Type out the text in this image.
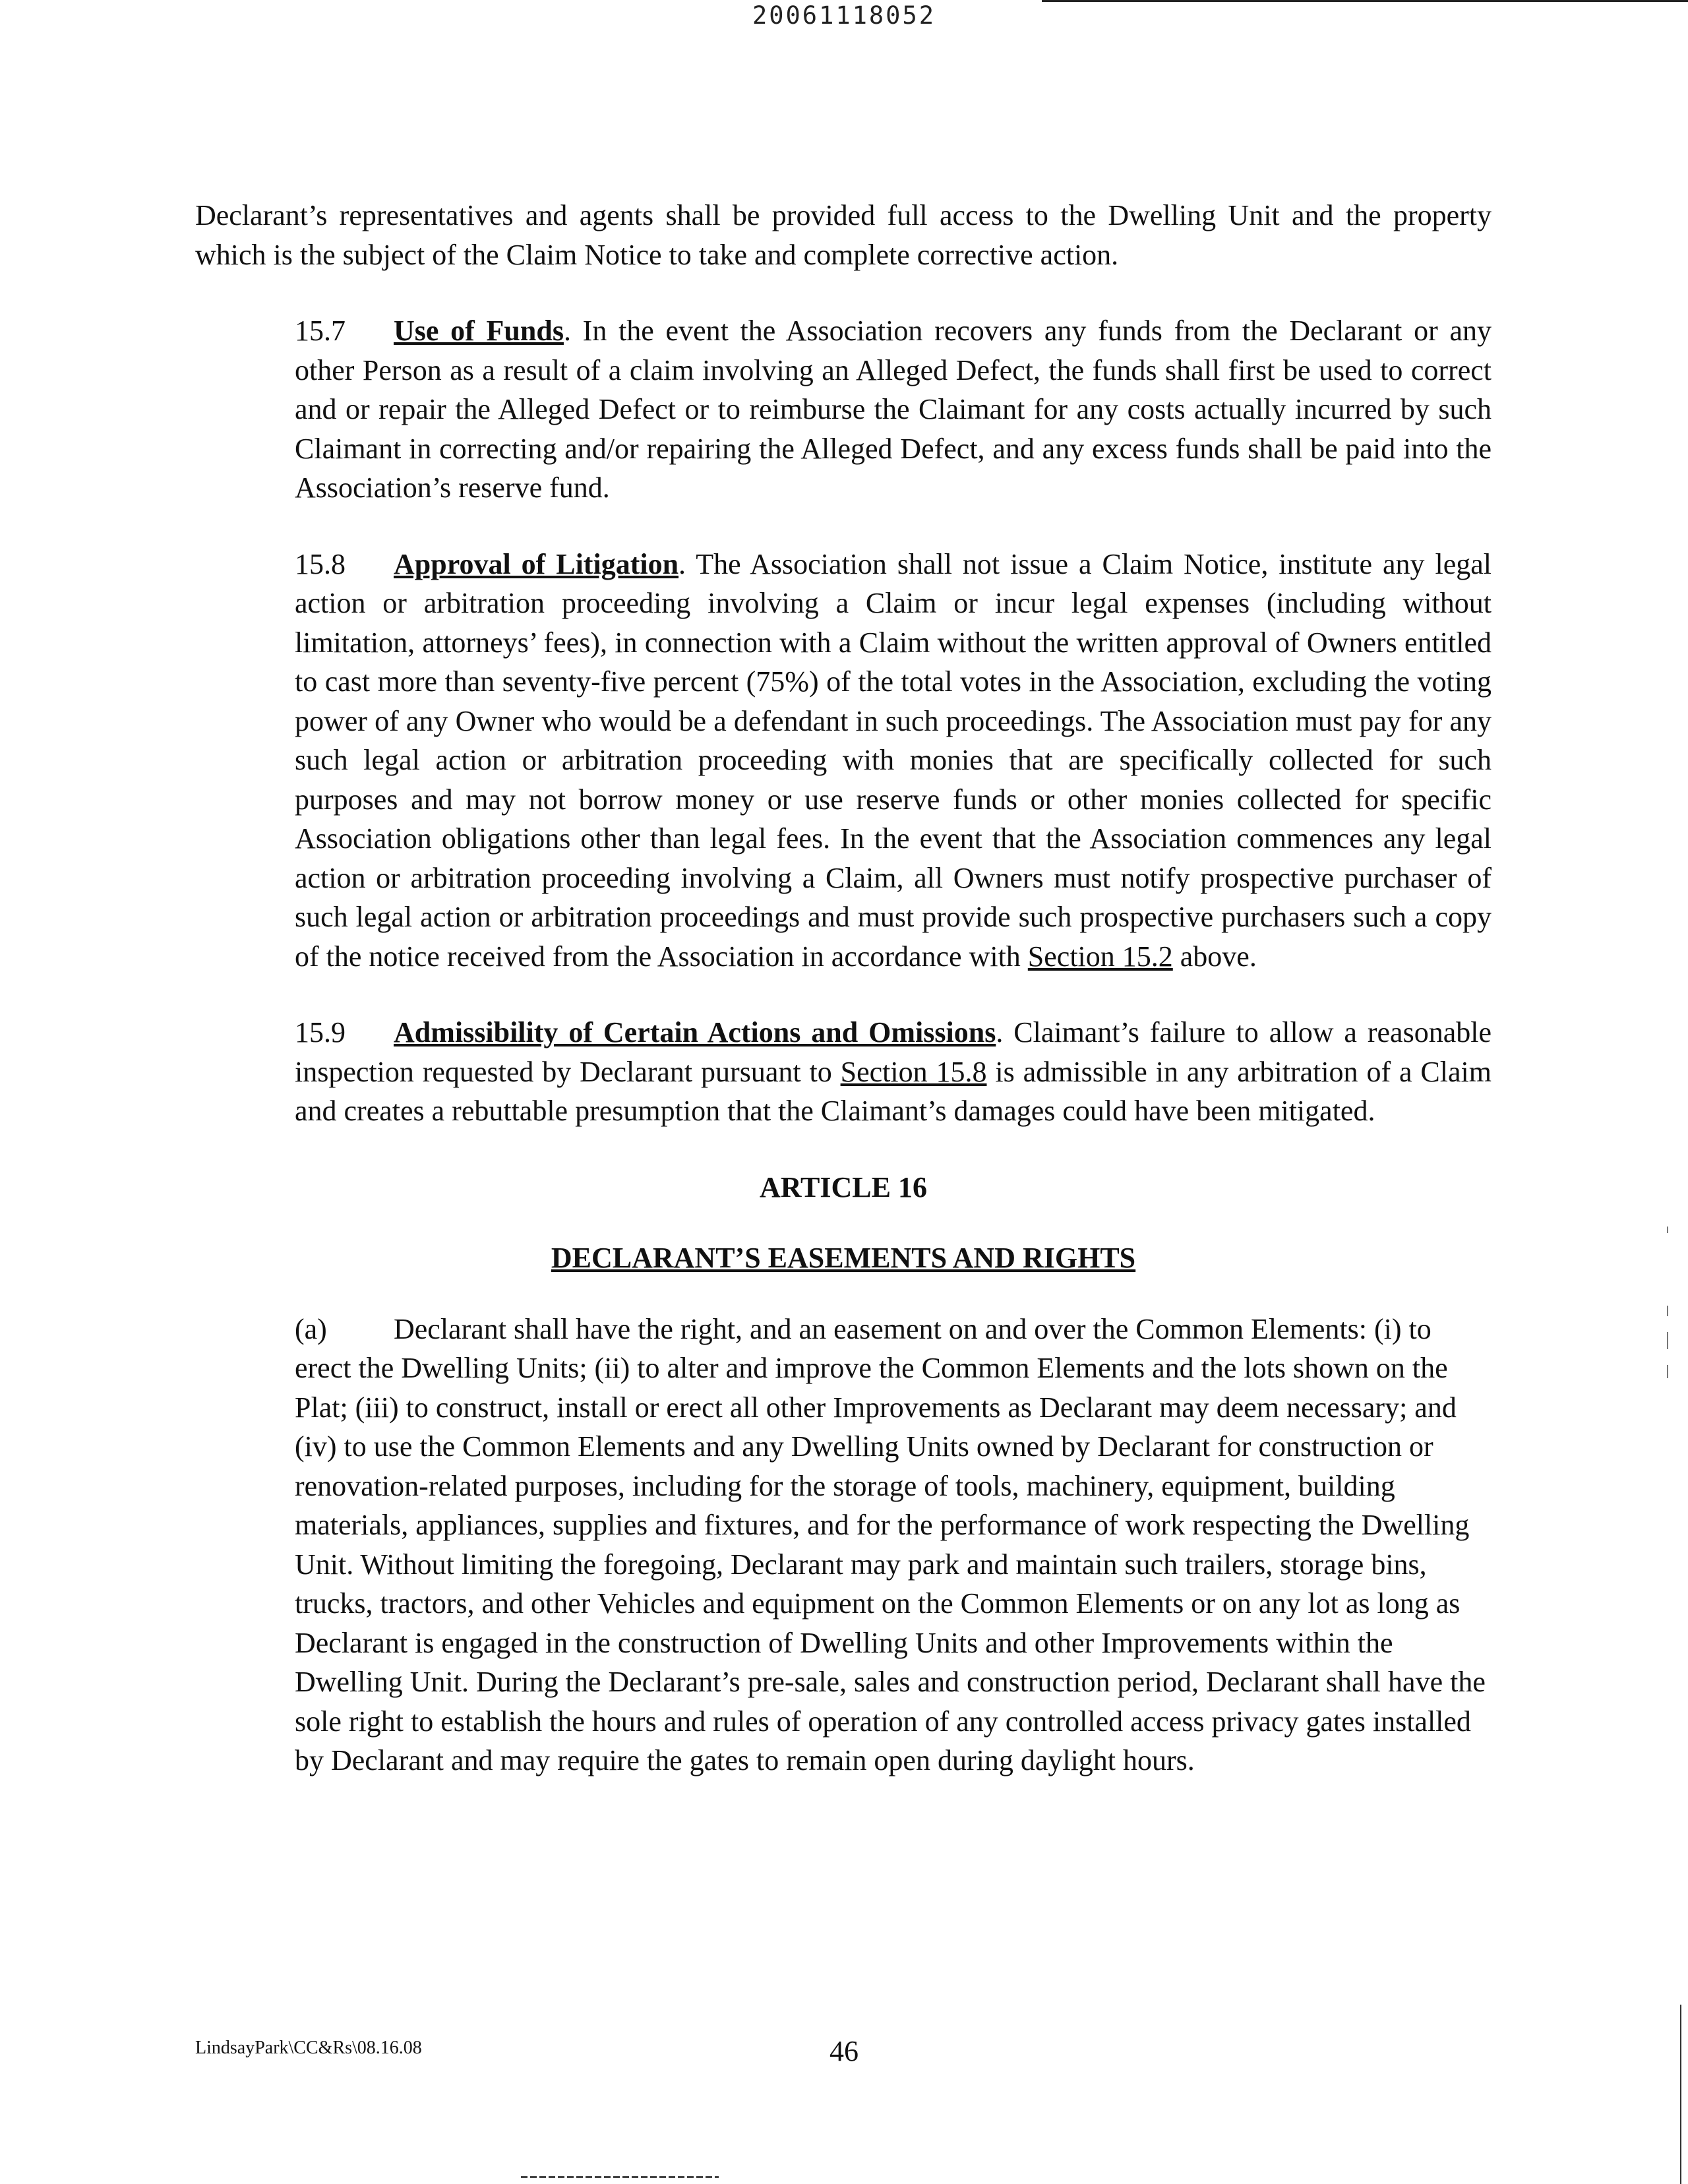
20061118052

Declarant’s representatives and agents shall be provided full access to the Dwelling Unit and the property which is the subject of the Claim Notice to take and complete corrective action.

15.7 Use of Funds. In the event the Association recovers any funds from the Declarant or any other Person as a result of a claim involving an Alleged Defect, the funds shall first be used to correct and or repair the Alleged Defect or to reimburse the Claimant for any costs actually incurred by such Claimant in correcting and/or repairing the Alleged Defect, and any excess funds shall be paid into the Association’s reserve fund.

15.8 Approval of Litigation. The Association shall not issue a Claim Notice, institute any legal action or arbitration proceeding involving a Claim or incur legal expenses (including without limitation, attorneys’ fees), in connection with a Claim without the written approval of Owners entitled to cast more than seventy-five percent (75%) of the total votes in the Association, excluding the voting power of any Owner who would be a defendant in such proceedings. The Association must pay for any such legal action or arbitration proceeding with monies that are specifically collected for such purposes and may not borrow money or use reserve funds or other monies collected for specific Association obligations other than legal fees. In the event that the Association commences any legal action or arbitration proceeding involving a Claim, all Owners must notify prospective purchaser of such legal action or arbitration proceedings and must provide such prospective purchasers such a copy of the notice received from the Association in accordance with Section 15.2 above.

15.9 Admissibility of Certain Actions and Omissions. Claimant’s failure to allow a reasonable inspection requested by Declarant pursuant to Section 15.8 is admissible in any arbitration of a Claim and creates a rebuttable presumption that the Claimant’s damages could have been mitigated.

ARTICLE 16

DECLARANT’S EASEMENTS AND RIGHTS

(a) Declarant shall have the right, and an easement on and over the Common Elements: (i) to erect the Dwelling Units; (ii) to alter and improve the Common Elements and the lots shown on the Plat; (iii) to construct, install or erect all other Improvements as Declarant may deem necessary; and (iv) to use the Common Elements and any Dwelling Units owned by Declarant for construction or renovation-related purposes, including for the storage of tools, machinery, equipment, building materials, appliances, supplies and fixtures, and for the performance of work respecting the Dwelling Unit. Without limiting the foregoing, Declarant may park and maintain such trailers, storage bins, trucks, tractors, and other Vehicles and equipment on the Common Elements or on any lot as long as Declarant is engaged in the construction of Dwelling Units and other Improvements within the Dwelling Unit. During the Declarant’s pre-sale, sales and construction period, Declarant shall have the sole right to establish the hours and rules of operation of any controlled access privacy gates installed by Declarant and may require the gates to remain open during daylight hours.

LindsayPark\CC&Rs\08.16.08	46
